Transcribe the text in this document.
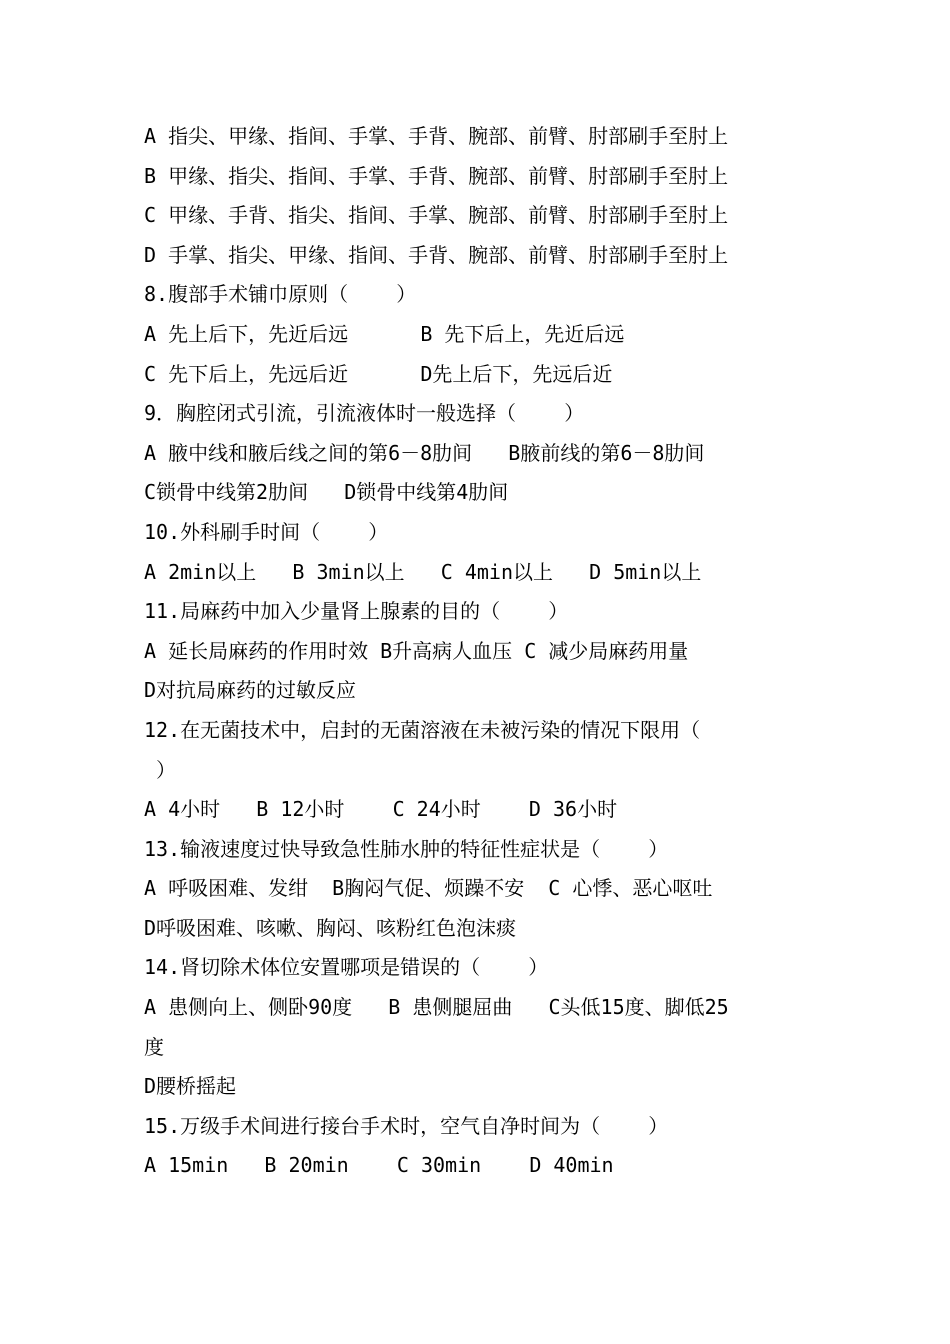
A 指尖、甲缘、指间、手掌、手背、腕部、前臂、肘部刷手至肘上
B 甲缘、指尖、指间、手掌、手背、腕部、前臂、肘部刷手至肘上
C 甲缘、手背、指尖、指间、手掌、腕部、前臂、肘部刷手至肘上
D 手掌、指尖、甲缘、指间、手背、腕部、前臂、肘部刷手至肘上
8.腹部手术铺巾原则（    ）
A 先上后下，先近后远      B 先下后上，先近后远
C 先下后上，先远后近      D先上后下，先远后近
9．胸腔闭式引流，引流液体时一般选择（    ）
A 腋中线和腋后线之间的第6－8肋间   B腋前线的第6－8肋间
C锁骨中线第2肋间   D锁骨中线第4肋间
10.外科刷手时间（    ）
A 2min以上   B 3min以上   C 4min以上   D 5min以上
11.局麻药中加入少量肾上腺素的目的（    ）
A 延长局麻药的作用时效 B升高病人血压 C 减少局麻药用量
D对抗局麻药的过敏反应
12.在无菌技术中，启封的无菌溶液在未被污染的情况下限用（
）
A 4小时   B 12小时    C 24小时    D 36小时
13.输液速度过快导致急性肺水肿的特征性症状是（    ）
A 呼吸困难、发绀  B胸闷气促、烦躁不安  C 心悸、恶心呕吐
D呼吸困难、咳嗽、胸闷、咳粉红色泡沫痰
14.肾切除术体位安置哪项是错误的（    ）
A 患侧向上、侧卧90度   B 患侧腿屈曲   C头低15度、脚低25
度
D腰桥摇起
15.万级手术间进行接台手术时，空气自净时间为（    ）
A 15min   B 20min    C 30min    D 40min
